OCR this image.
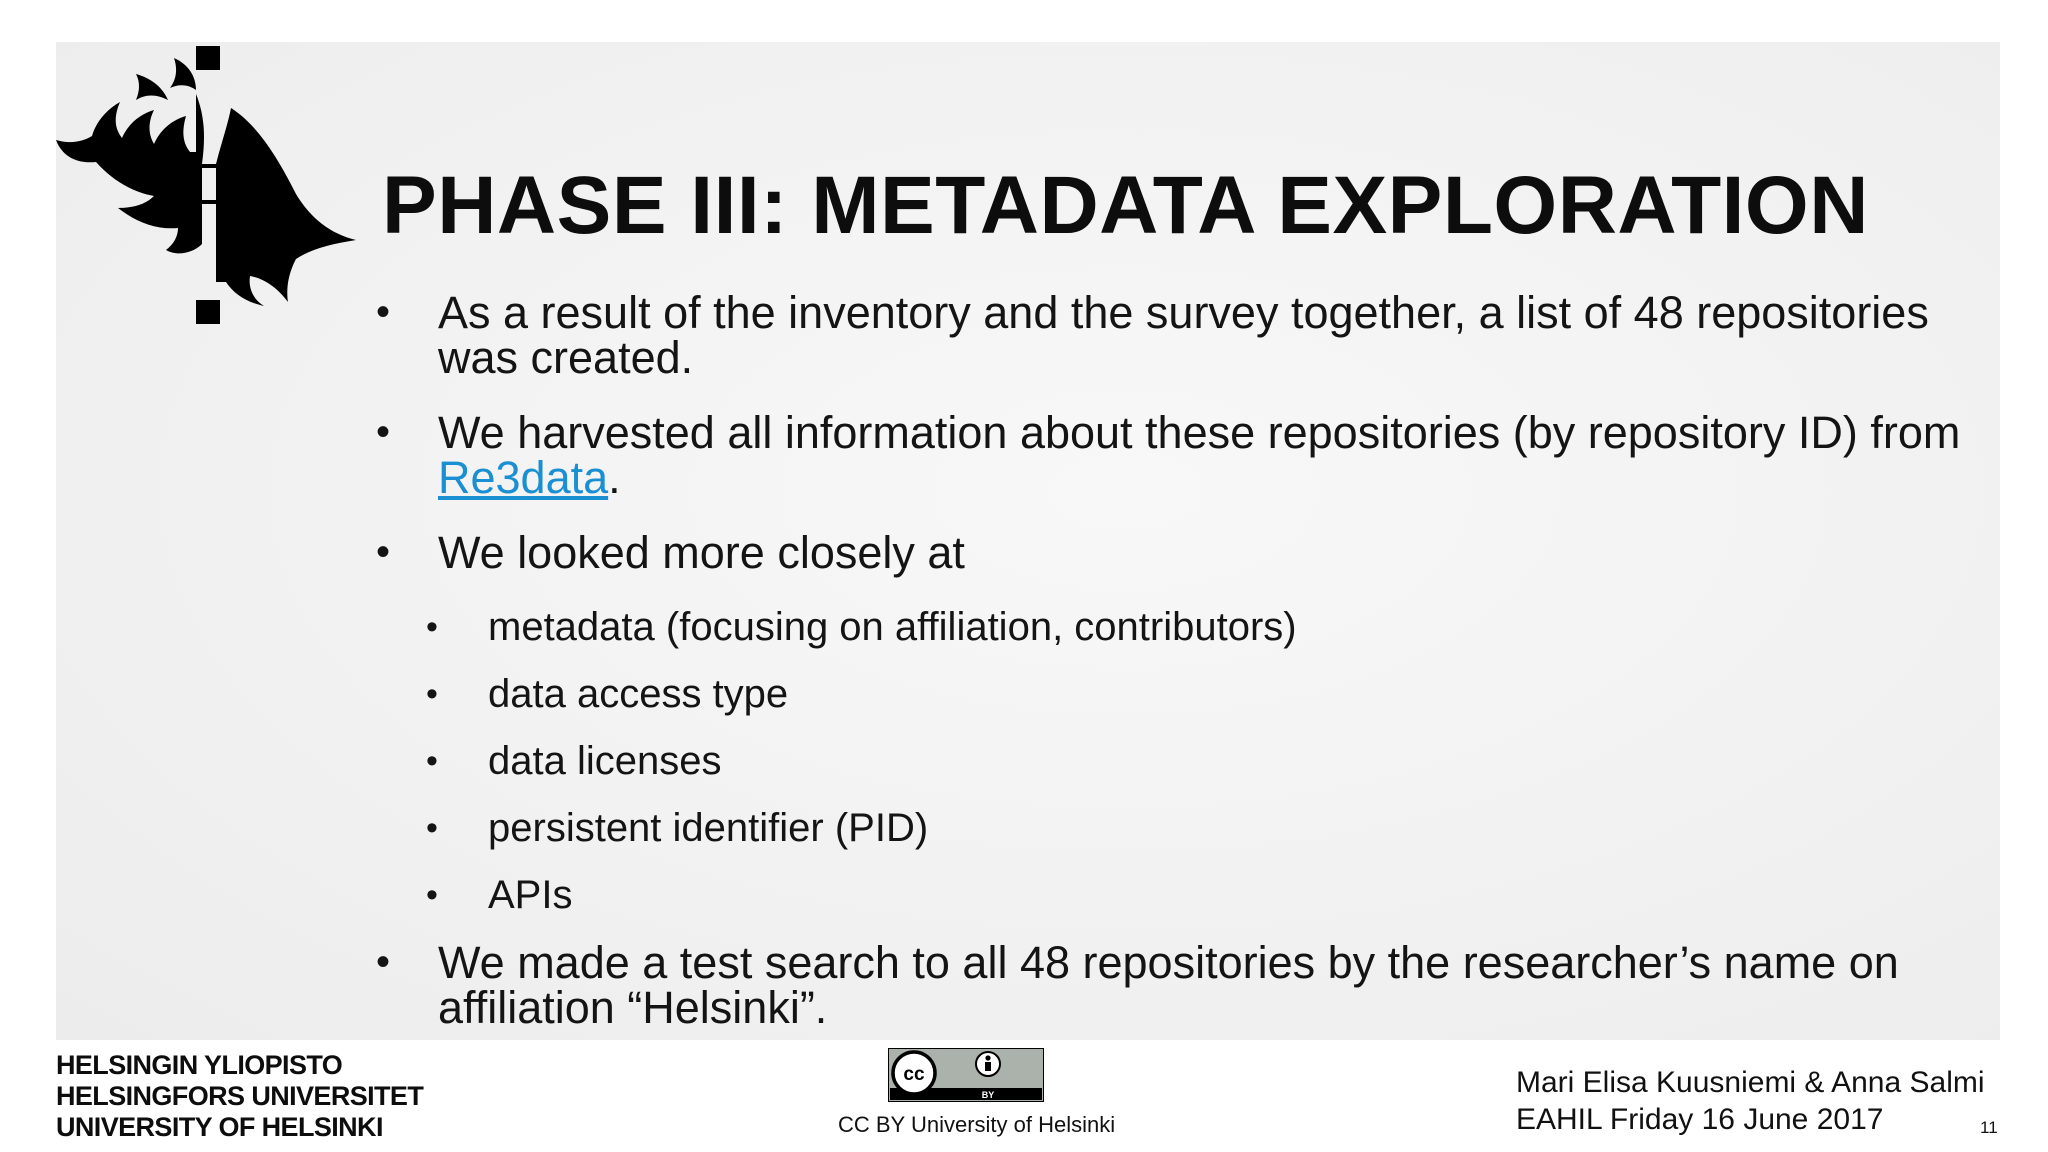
PHASE III: METADATA EXPLORATION
• As a result of the inventory and the survey together, a list of 48 repositories was created.
• We harvested all information about these repositories (by repository ID) from Re3data.
• We looked more closely at
• metadata (focusing on affiliation, contributors)
• data access type
• data licenses
• persistent identifier (PID)
• APIs
• We made a test search to all 48 repositories by the researcher’s name on affiliation “Helsinki”.
HELSINGIN YLIOPISTO
HELSINGFORS UNIVERSITET
UNIVERSITY OF HELSINKI
cc
BY
CC BY University of Helsinki
Mari Elisa Kuusniemi & Anna Salmi
EAHIL Friday 16 June 2017	11
